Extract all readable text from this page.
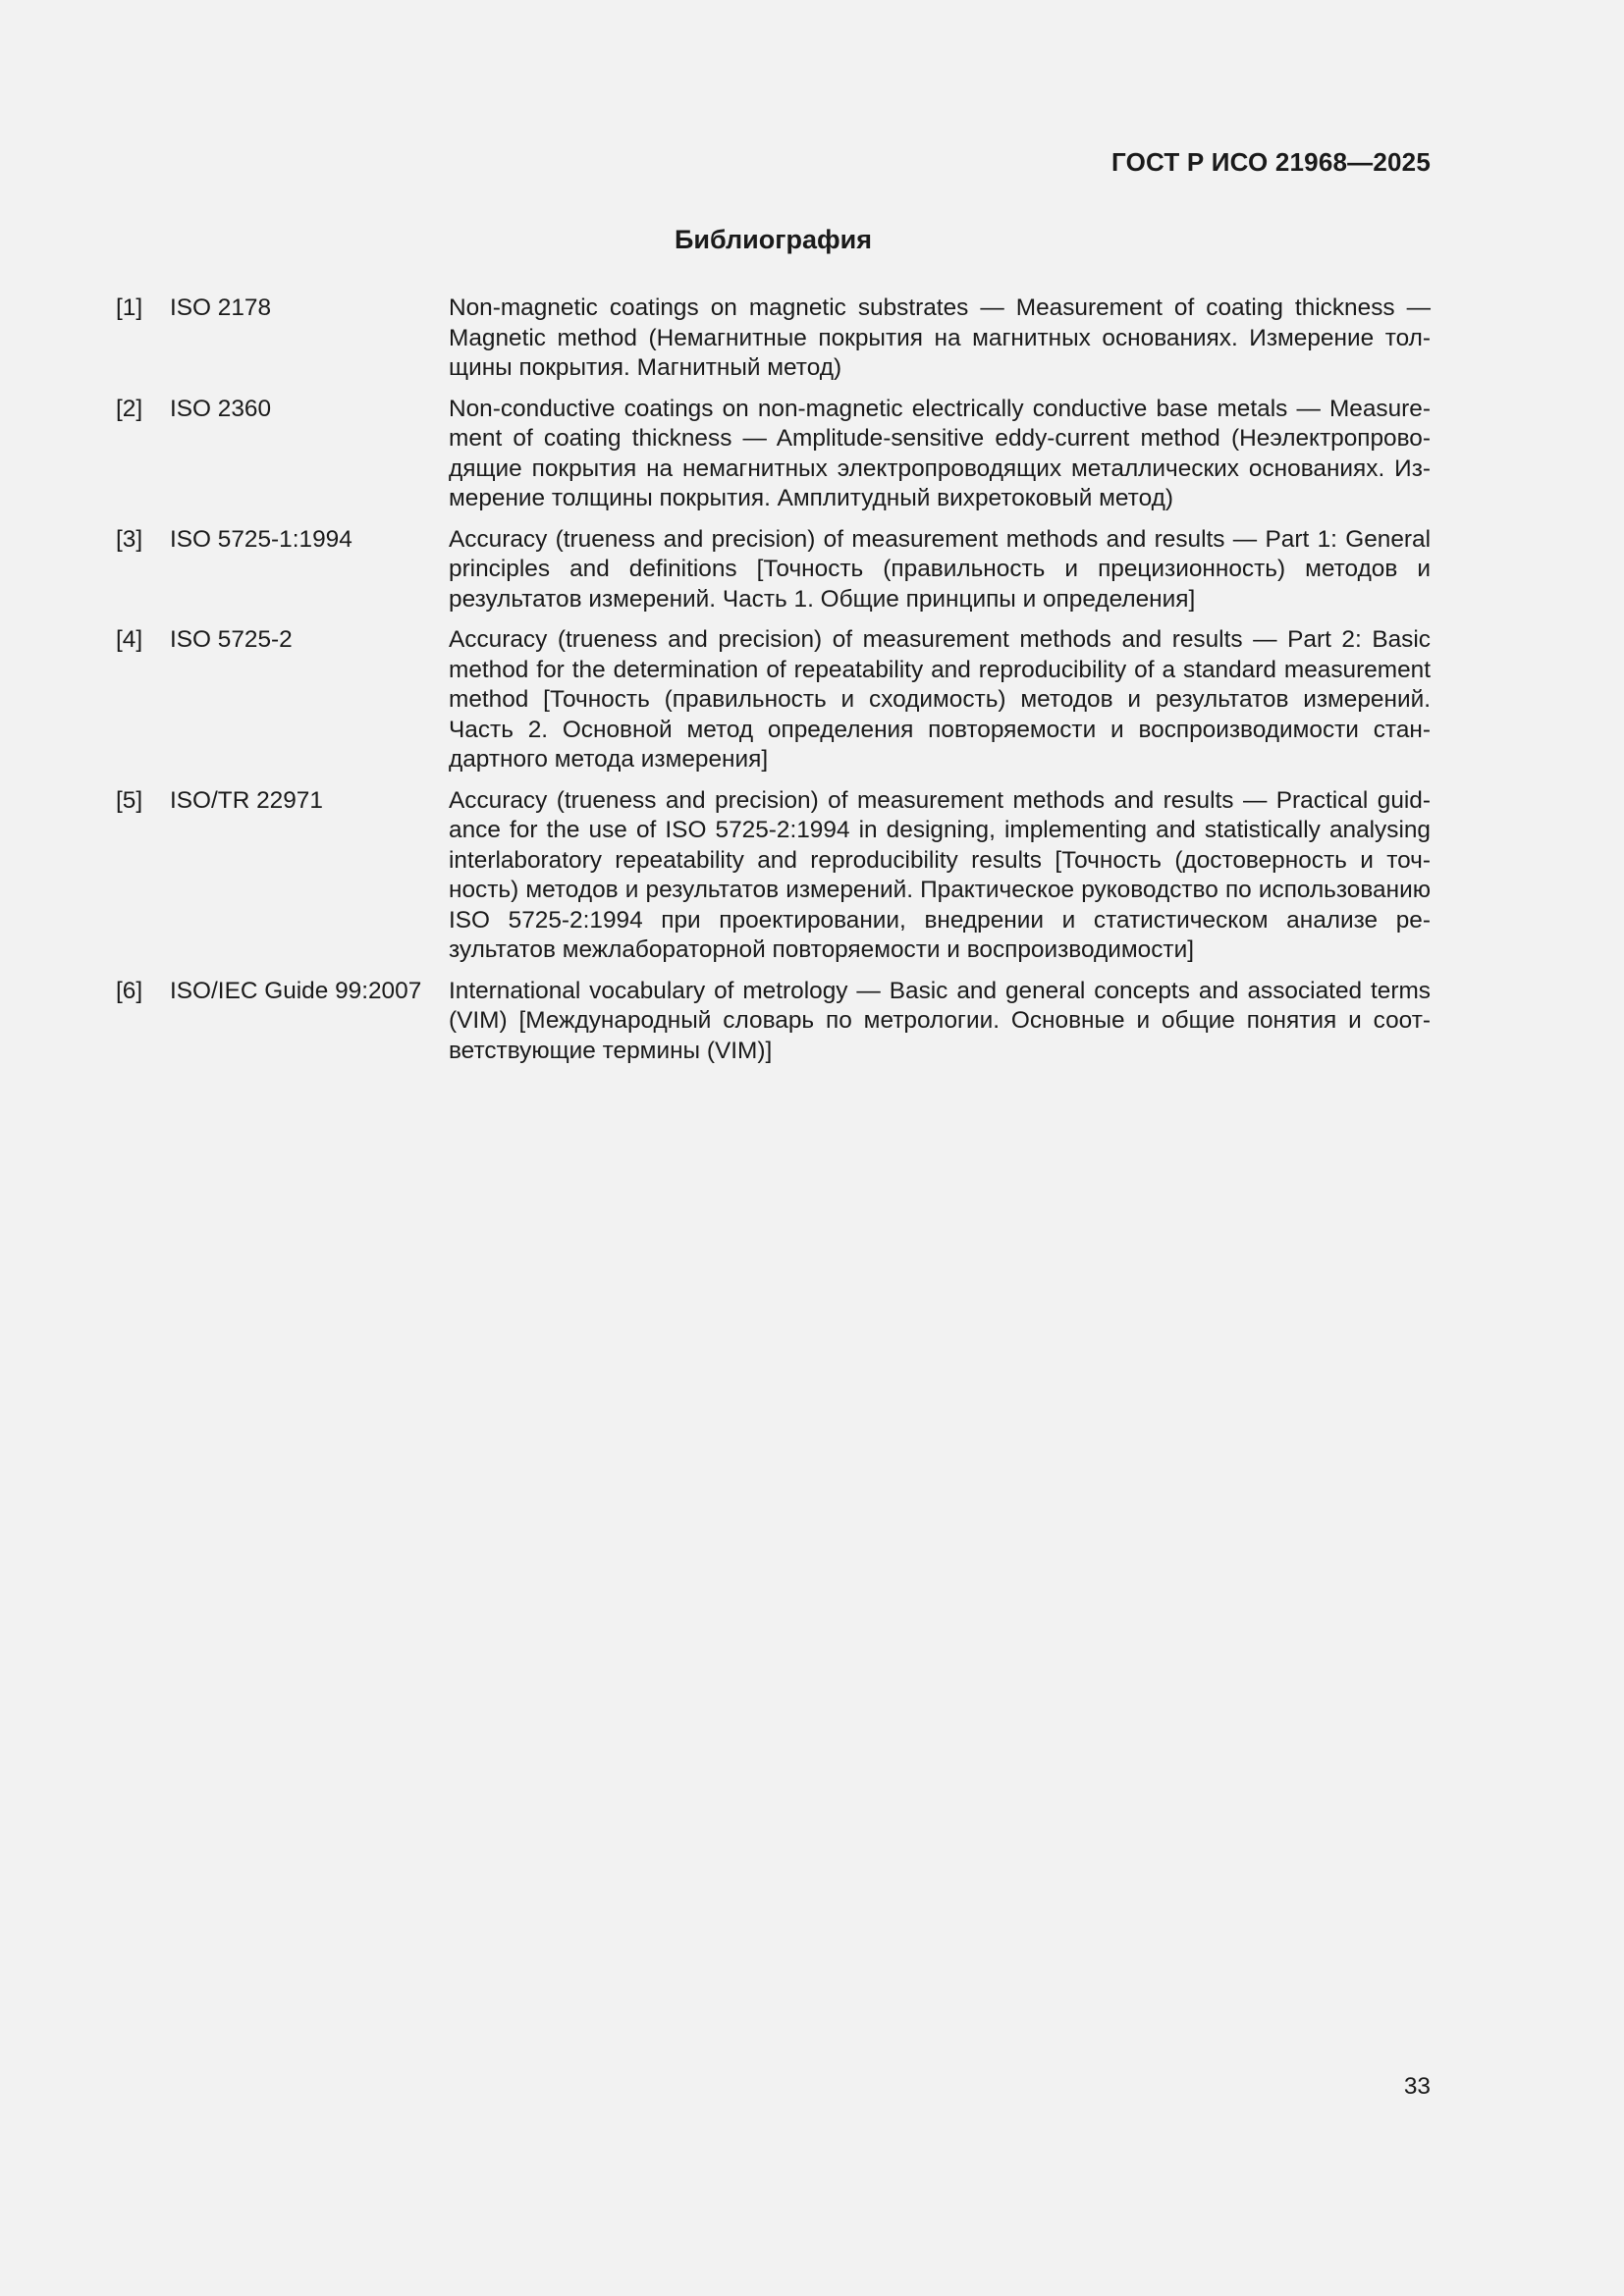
ГОСТ Р ИСО 21968—2025
Библиография
[1]	ISO 2178	Non-magnetic coatings on magnetic substrates — Measurement of coating thickness — Magnetic method (Немагнитные покрытия на магнитных основаниях. Измерение толщины покрытия. Магнитный метод)
[2]	ISO 2360	Non-conductive coatings on non-magnetic electrically conductive base metals — Measurement of coating thickness — Amplitude-sensitive eddy-current method (Неэлектропроводящие покрытия на немагнитных электропроводящих металлических основаниях. Измерение толщины покрытия. Амплитудный вихретоковый метод)
[3]	ISO 5725-1:1994	Accuracy (trueness and precision) of measurement methods and results — Part 1: General principles and definitions [Точность (правильность и прецизионность) методов и результатов измерений. Часть 1. Общие принципы и определения]
[4]	ISO 5725-2	Accuracy (trueness and precision) of measurement methods and results — Part 2: Basic method for the determination of repeatability and reproducibility of a standard measurement method [Точность (правильность и сходимость) методов и результатов измерений. Часть 2. Основной метод определения повторяемости и воспроизводимости стандартного метода измерения]
[5]	ISO/TR 22971	Accuracy (trueness and precision) of measurement methods and results — Practical guidance for the use of ISO 5725-2:1994 in designing, implementing and statistically analysing interlaboratory repeatability and reproducibility results [Точность (достоверность и точность) методов и результатов измерений. Практическое руководство по использованию ISO 5725-2:1994 при проектировании, внедрении и статистическом анализе результатов межлабораторной повторяемости и воспроизводимости]
[6]	ISO/IEC Guide 99:2007	International vocabulary of metrology — Basic and general concepts and associated terms (VIM) [Международный словарь по метрологии. Основные и общие понятия и соответствующие термины (VIM)]
33
